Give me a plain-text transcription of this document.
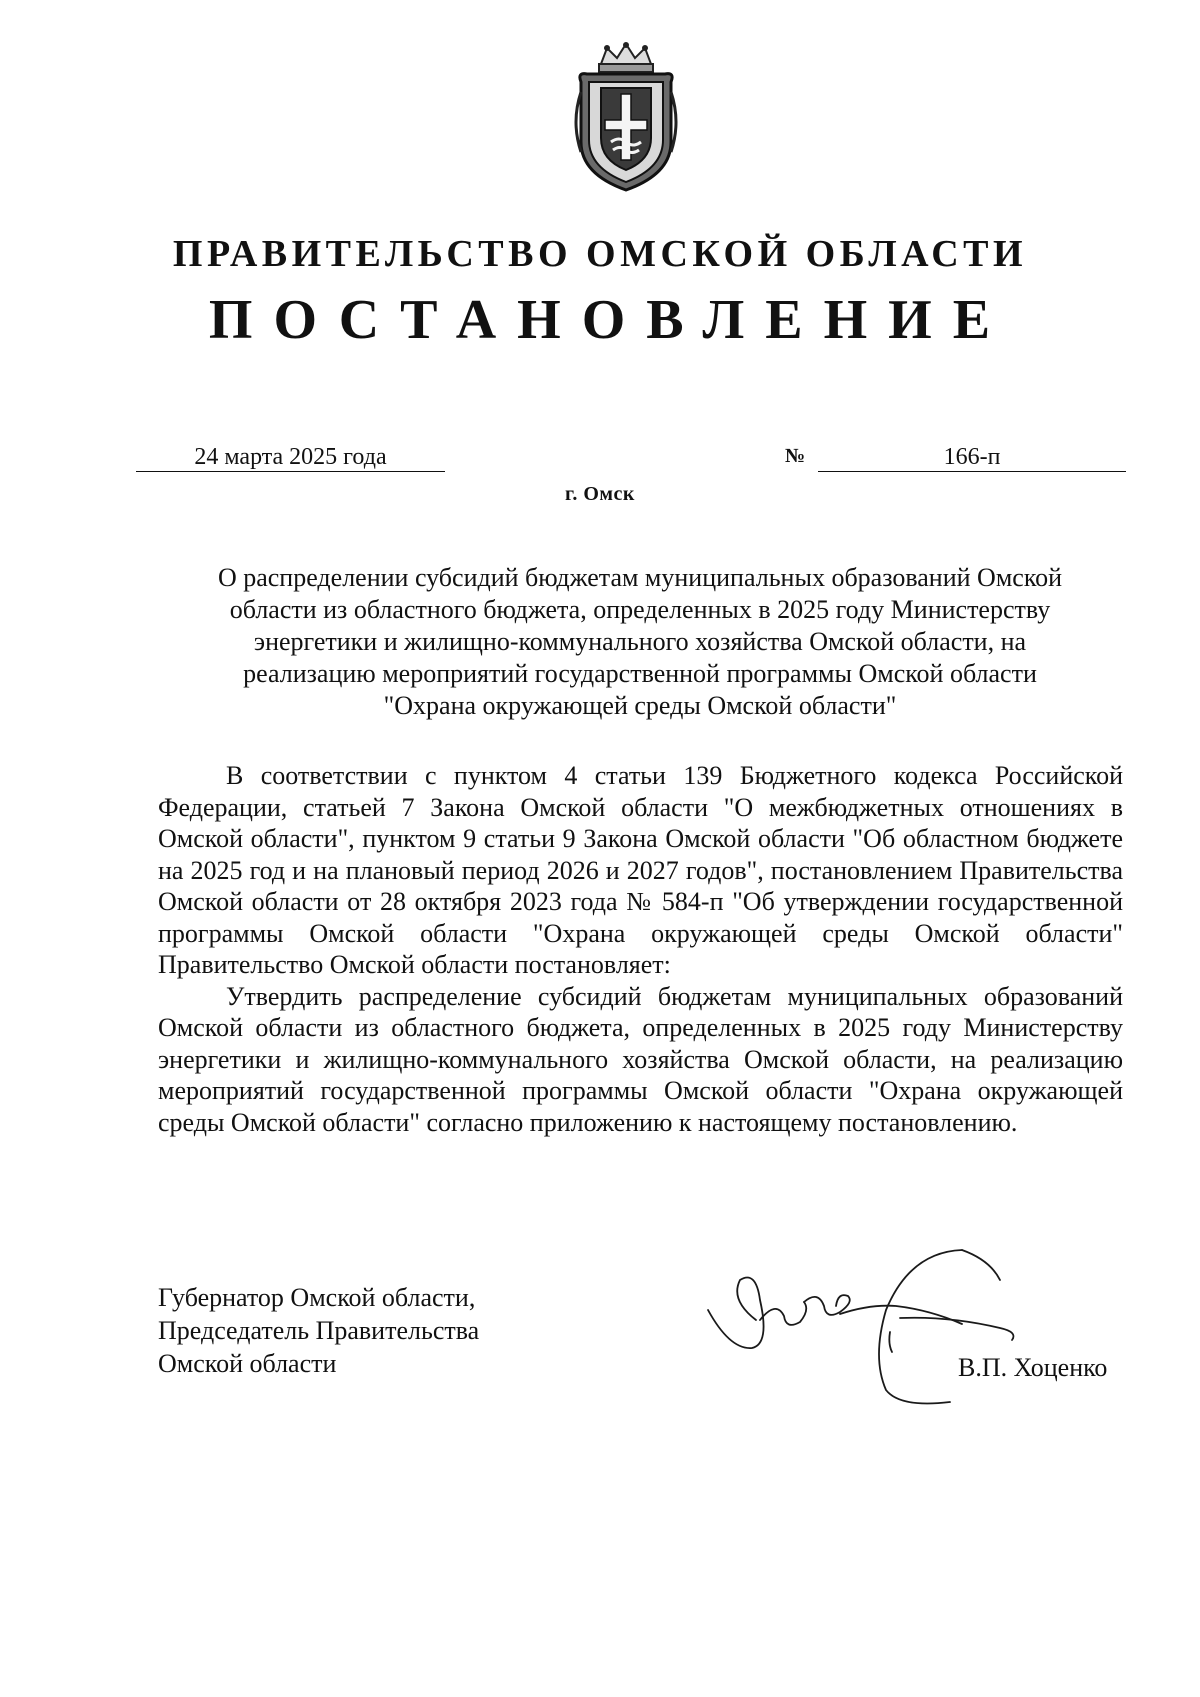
ПРАВИТЕЛЬСТВО ОМСКОЙ ОБЛАСТИ
ПОСТАНОВЛЕНИЕ
24 марта 2025 года	№	166-п
г. Омск
О распределении субсидий бюджетам муниципальных образований Омской
области из областного бюджета, определенных в 2025 году Министерству
энергетики и жилищно-коммунального хозяйства Омской области, на
реализацию мероприятий государственной программы Омской области
"Охрана окружающей среды Омской области"

В соответствии с пунктом 4 статьи 139 Бюджетного кодекса Российской Федерации, статьей 7 Закона Омской области "О межбюджетных отношениях в Омской области", пунктом 9 статьи 9 Закона Омской области "Об областном бюджете на 2025 год и на плановый период 2026 и 2027 годов", постановлением Правительства Омской области от 28 октября 2023 года № 584-п "Об утверждении государственной программы Омской области "Охрана окружающей среды Омской области" Правительство Омской области постановляет:

Утвердить распределение субсидий бюджетам муниципальных образований Омской области из областного бюджета, определенных в 2025 году Министерству энергетики и жилищно-коммунального хозяйства Омской области, на реализацию мероприятий государственной программы Омской области "Охрана окружающей среды Омской области" согласно приложению к настоящему постановлению.

Губернатор Омской области,
Председатель Правительства
Омской области	В.П. Хоценко
